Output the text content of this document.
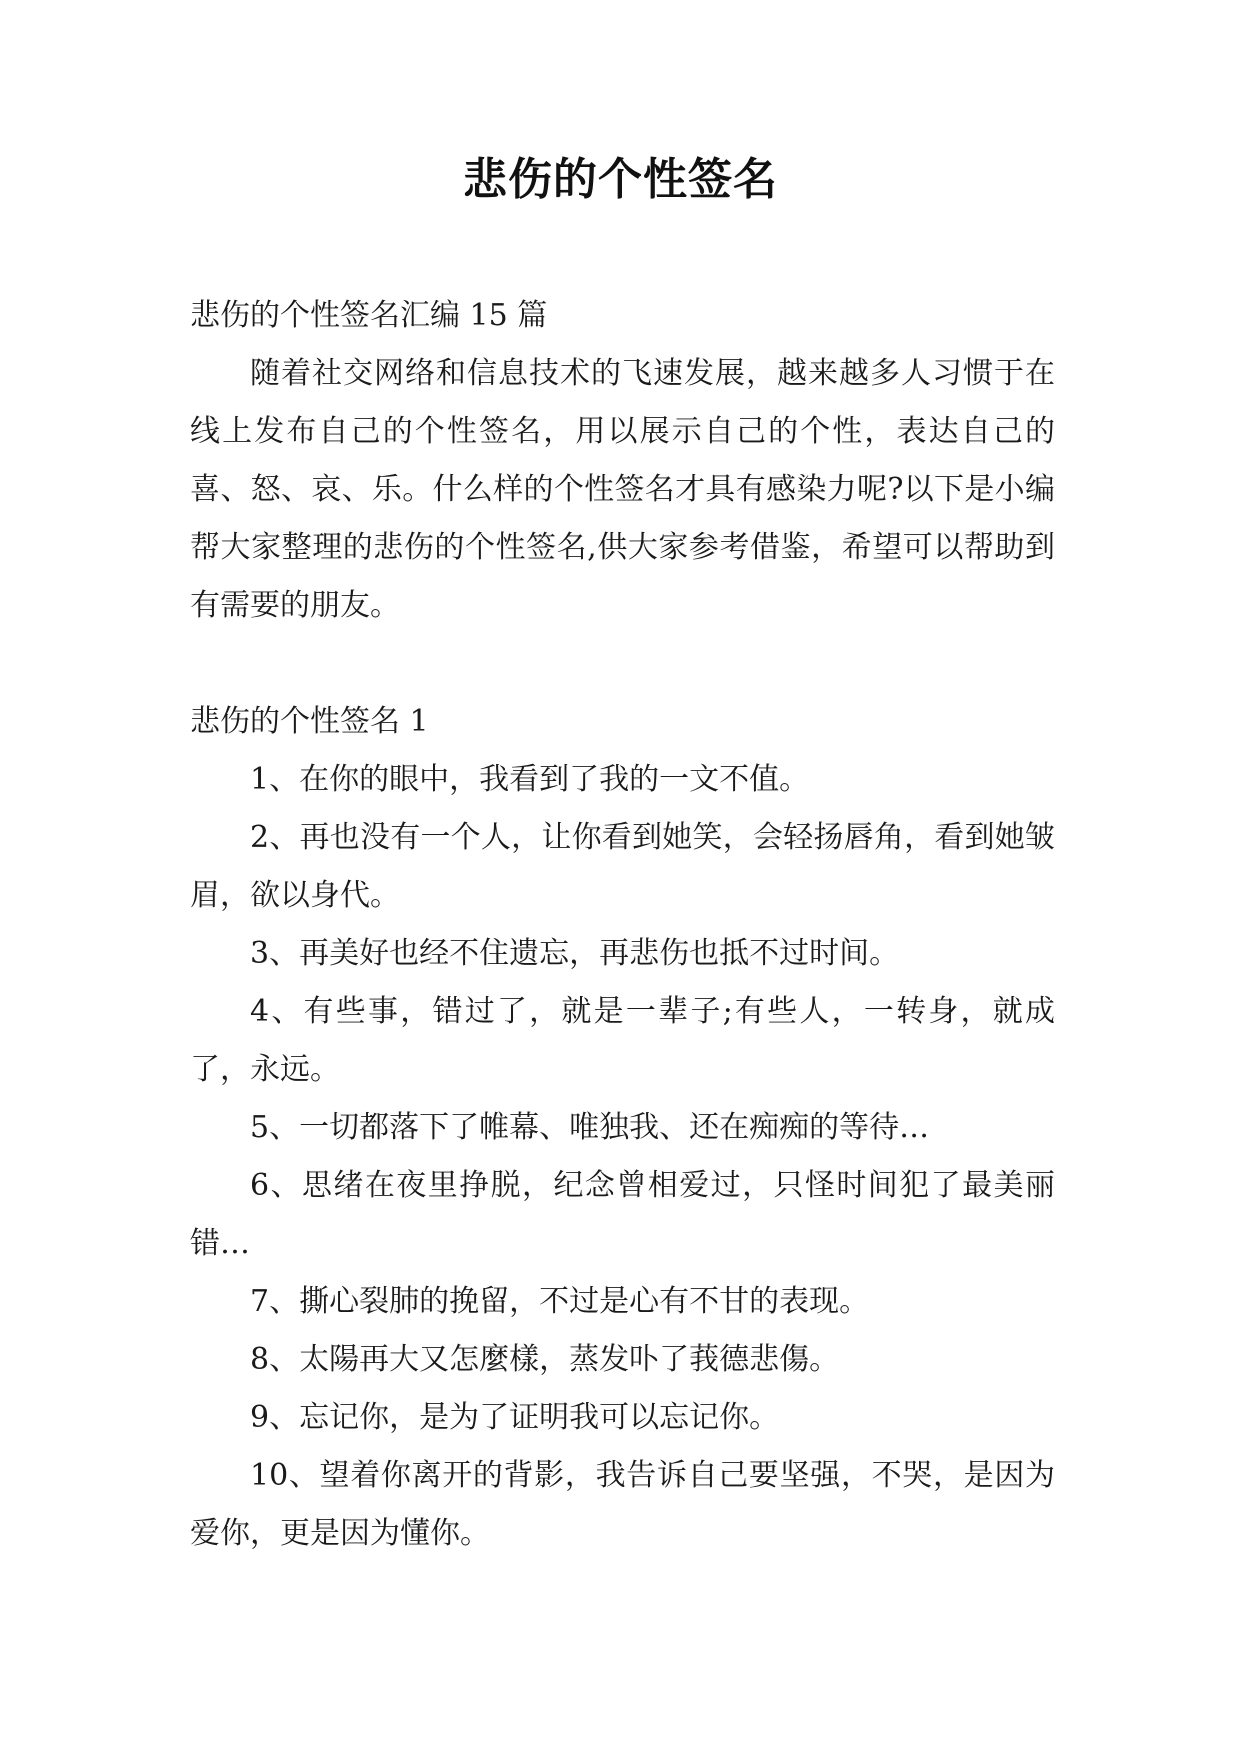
悲伤的个性签名

悲伤的个性签名汇编 15 篇

随着社交网络和信息技术的飞速发展，越来越多人习惯于在线上发布自己的个性签名，用以展示自己的个性，表达自己的喜、怒、哀、乐。什么样的个性签名才具有感染力呢?以下是小编帮大家整理的悲伤的个性签名,供大家参考借鉴，希望可以帮助到有需要的朋友。

悲伤的个性签名 1

1、在你的眼中，我看到了我的一文不值。

2、再也没有一个人，让你看到她笑，会轻扬唇角，看到她皱眉，欲以身代。

3、再美好也经不住遗忘，再悲伤也抵不过时间。

4、有些事，错过了，就是一辈子;有些人，一转身，就成了，永远。

5、一切都落下了帷幕、唯独我、还在痴痴的等待…

6、思绪在夜里挣脱，纪念曾相爱过，只怪时间犯了最美丽错…

7、撕心裂肺的挽留，不过是心有不甘的表现。

8、太陽再大又怎麼樣，蒸发卟了莪德悲傷。

9、忘记你，是为了证明我可以忘记你。

10、望着你离开的背影，我告诉自己要坚强，不哭，是因为爱你，更是因为懂你。
